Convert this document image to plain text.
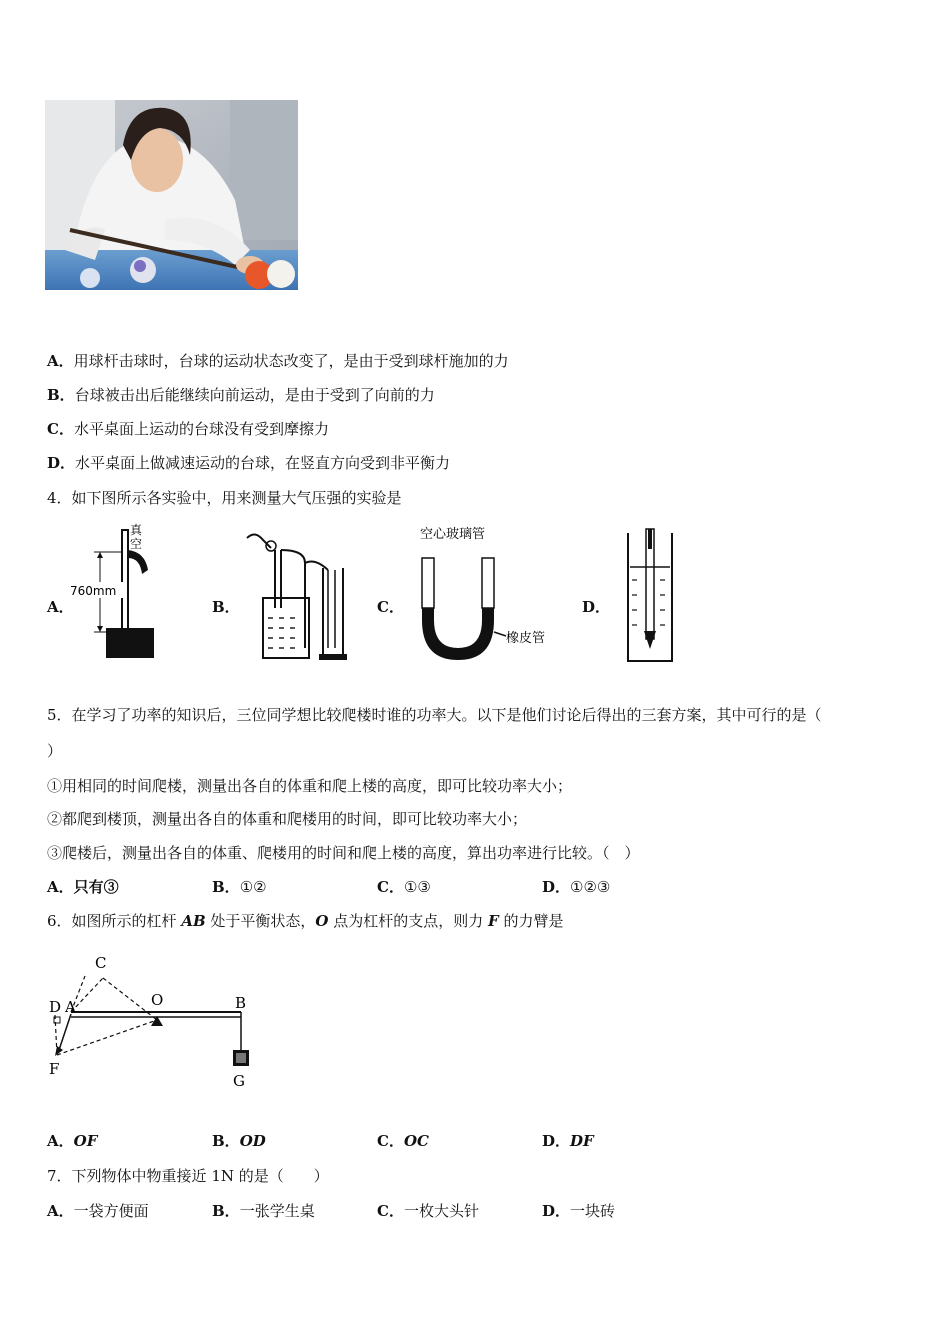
A．用球杆击球时，台球的运动状态改变了，是由于受到球杆施加的力
B．台球被击出后能继续向前运动，是由于受到了向前的力
C．水平桌面上运动的台球没有受到摩擦力
D．水平桌面上做减速运动的台球，在竖直方向受到非平衡力
4．如下图所示各实验中，用来测量大气压强的实验是
A．	B．	C．	D．
真
空
760mm
空心玻璃管
橡皮管
5．在学习了功率的知识后，三位同学想比较爬楼时谁的功率大。以下是他们讨论后得出的三套方案，其中可行的是（
）
①用相同的时间爬楼，测量出各自的体重和爬上楼的高度，即可比较功率大小；
②都爬到楼顶，测量出各自的体重和爬楼用的时间，即可比较功率大小；
③爬楼后，测量出各自的体重、爬楼用的时间和爬上楼的高度，算出功率进行比较。（　）
A．只有③	B．①②	C．①③	D．①②③
6．如图所示的杠杆 AB 处于平衡状态，O 点为杠杆的支点，则力 F 的力臂是
C
D A	O	B
F
G
A．OF	B．OD	C．OC	D．DF
7．下列物体中物重接近 1N 的是（　　）
A．一袋方便面	B．一张学生桌	C．一枚大头针	D．一块砖
